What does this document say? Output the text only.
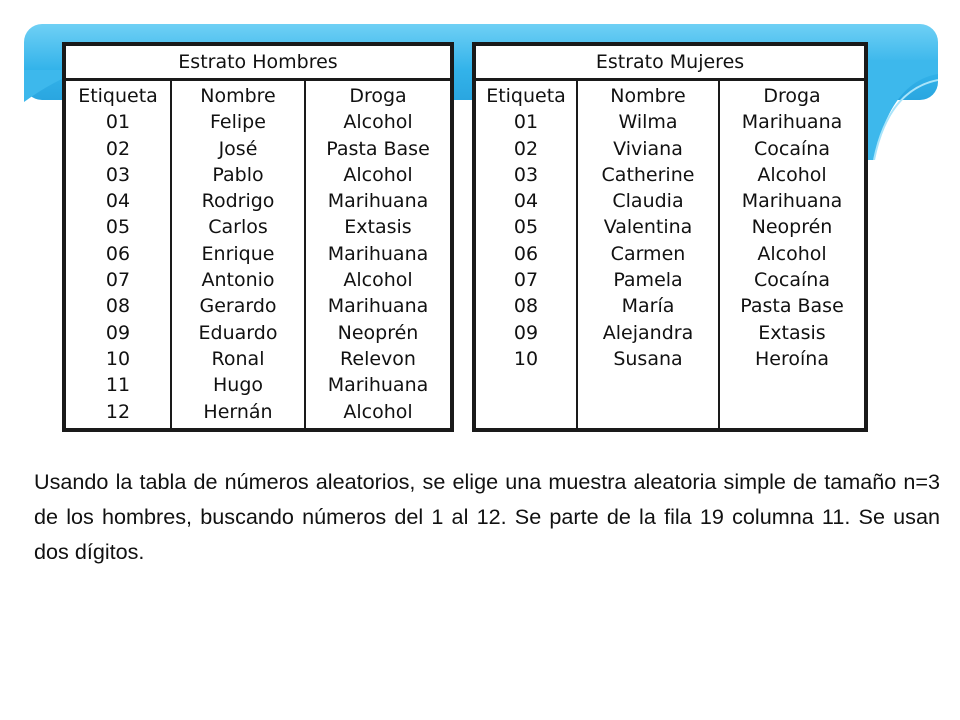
Estrato Hombres
Etiqueta
01
02
03
04
05
06
07
08
09
10
11
12
Nombre
Felipe
José
Pablo
Rodrigo
Carlos
Enrique
Antonio
Gerardo
Eduardo
Ronal
Hugo
Hernán
Droga
Alcohol
Pasta Base
Alcohol
Marihuana
Extasis
Marihuana
Alcohol
Marihuana
Neoprén
Relevon
Marihuana
Alcohol
Estrato Mujeres
Etiqueta
01
02
03
04
05
06
07
08
09
10
Nombre
Wilma
Viviana
Catherine
Claudia
Valentina
Carmen
Pamela
María
Alejandra
Susana
Droga
Marihuana
Cocaína
Alcohol
Marihuana
Neoprén
Alcohol
Cocaína
Pasta Base
Extasis
Heroína
Usando la tabla de números aleatorios, se elige una muestra aleatoria simple de tamaño n=3 de los hombres, buscando números del 1 al 12. Se parte de la fila 19 columna 11. Se usan dos dígitos.
